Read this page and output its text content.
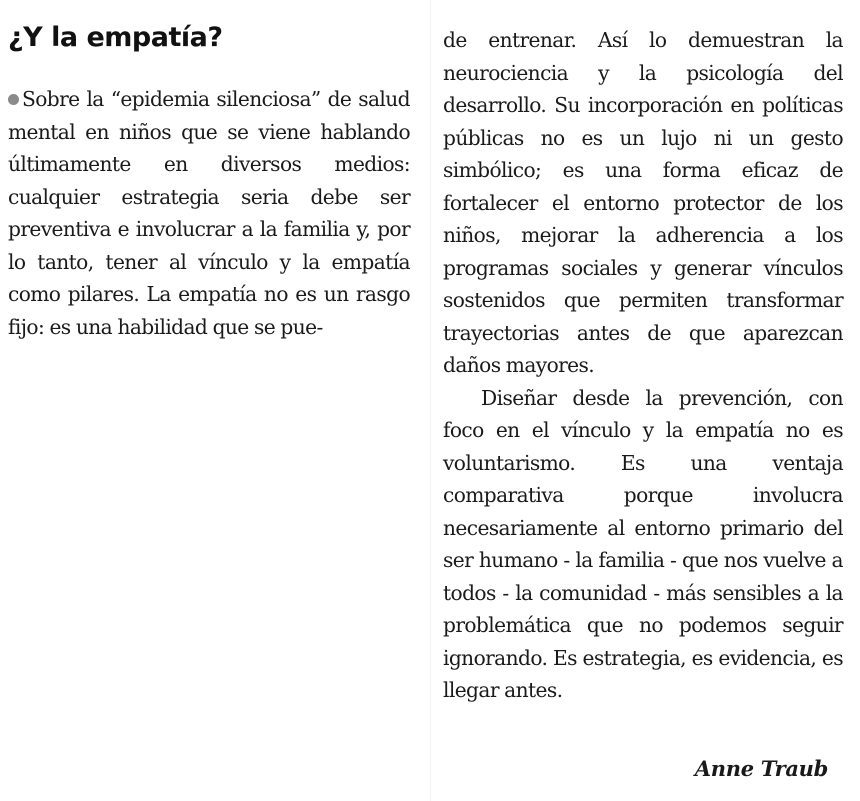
¿Y la empatía?

Sobre la “epidemia silenciosa” de salud mental en niños que se viene hablando últimamente en diversos medios: cualquier estrategia seria debe ser preventiva e involucrar a la familia y, por lo tanto, tener al vínculo y la empatía como pilares. La empatía no es un rasgo fijo: es una habilidad que se pue-

de entrenar. Así lo demuestran la neurociencia y la psicología del desarrollo. Su incorporación en políticas públicas no es un lujo ni un gesto simbólico; es una forma eficaz de fortalecer el entorno protector de los niños, mejorar la adherencia a los programas sociales y generar vínculos sostenidos que permiten transformar trayectorias antes de que aparezcan daños mayores.

Diseñar desde la prevención, con foco en el vínculo y la empatía no es voluntarismo. Es una ventaja comparativa porque involucra necesariamente al entorno primario del ser humano - la familia - que nos vuelve a todos - la comunidad - más sensibles a la problemática que no podemos seguir ignorando. Es estrategia, es evidencia, es llegar antes.

Anne Traub
